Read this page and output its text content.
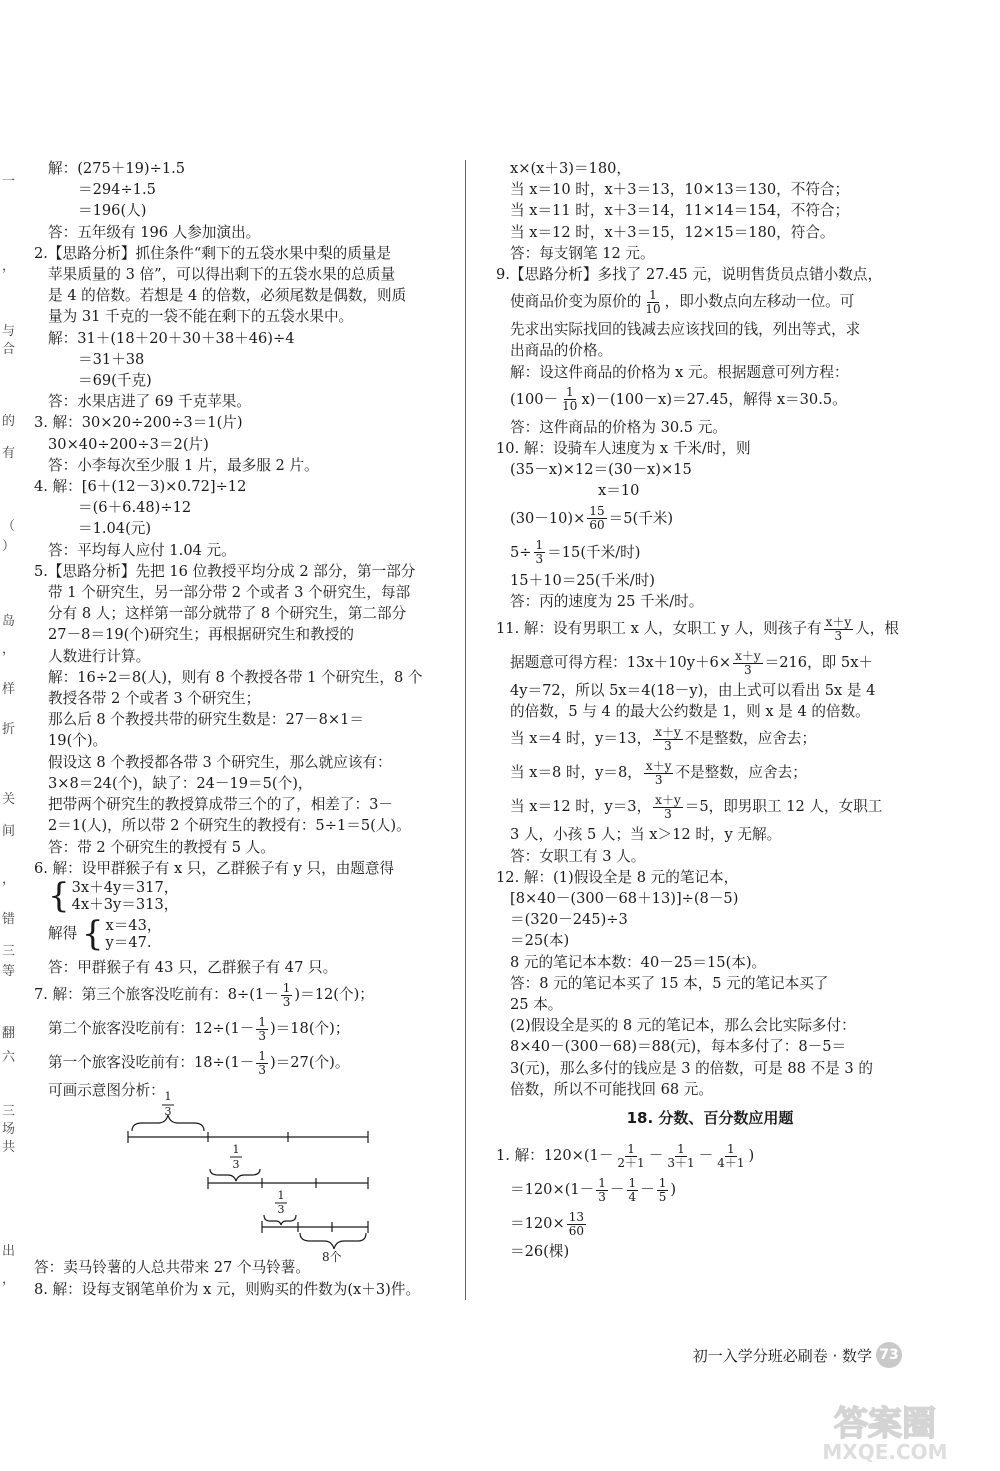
一
，
与
合
的
有
（
）
岛
，
样
折
关
间
，
错
三
等
翻
六
三
场
共
出
，
解：(275＋19)÷1.5
＝294÷1.5
＝196(人)
答：五年级有 196 人参加演出。
2.【思路分析】抓住条件“剩下的五袋水果中梨的质量是
苹果质量的 3 倍”，可以得出剩下的五袋水果的总质量
是 4 的倍数。若想是 4 的倍数，必须尾数是偶数，则质
量为 31 千克的一袋不能在剩下的五袋水果中。
解：31＋(18＋20＋30＋38＋46)÷4
＝31＋38
＝69(千克)
答：水果店进了 69 千克苹果。
3. 解：30×20÷200÷3＝1(片)
30×40÷200÷3＝2(片)
答：小李每次至少服 1 片，最多服 2 片。
4. 解：[6＋(12－3)×0.72]÷12
＝(6＋6.48)÷12
＝1.04(元)
答：平均每人应付 1.04 元。
5.【思路分析】先把 16 位教授平均分成 2 部分，第一部分
带 1 个研究生，另一部分带 2 个或者 3 个研究生，每部
分有 8 人；这样第一部分就带了 8 个研究生，第二部分
27－8＝19(个)研究生；再根据研究生和教授的
人数进行计算。
解：16÷2＝8(人)，则有 8 个教授各带 1 个研究生，8 个
教授各带 2 个或者 3 个研究生；
那么后 8 个教授共带的研究生数是：27－8×1＝
19(个)。
假设这 8 个教授都各带 3 个研究生，那么就应该有：
3×8＝24(个)，缺了：24－19＝5(个)，
把带两个研究生的教授算成带三个的了，相差了：3－
2＝1(人)，所以带 2 个研究生的教授有：5÷1＝5(人)。
答：带 2 个研究生的教授有 5 人。
6. 解：设甲群猴子有 x 只，乙群猴子有 y 只，由题意得
{ 3x＋4y＝317，
4x＋3y＝313，
解得 { x＝43，
y＝47.
答：甲群猴子有 43 只，乙群猴子有 47 只。
7. 解：第三个旅客没吃前有：$8\div(1- \frac{1}{3} )=12$(个)；
第二个旅客没吃前有：$12\div(1- \frac{1}{3} )=18$(个)；
第一个旅客没吃前有：$18\div(1- \frac{1}{3} )=27$(个)。
可画示意图分析： 1
3
1
3
1
3
8个
答：卖马铃薯的人总共带来 27 个马铃薯。
8. 解：设每支钢笔单价为 x 元，则购买的件数为(x＋3)件。
x×(x＋3)＝180，
当 x＝10 时，x＋3＝13，10×13＝130，不符合；
当 x＝11 时，x＋3＝14，11×14＝154，不符合；
当 x＝12 时，x＋3＝15，12×15＝180，符合。
答：每支钢笔 12 元。
9.【思路分析】多找了 27.45 元，说明售货员点错小数点，
使商品价变为原价的 $\frac{1}{10}$ ，即小数点向左移动一位。可
先求出实际找回的钱减去应该找回的钱，列出等式，求
出商品的价格。
解：设这件商品的价格为 x 元。根据题意可列方程：
$(100- \frac{1}{10} x)-(100-x)=27.45$，解得 x＝30.5。
答：这件商品的价格为 30.5 元。
10. 解：设骑车人速度为 x 千米/时，则
(35－x)×12＝(30－x)×15
x＝10
$(30-10)\times \frac{15}{60} =5$(千米)
$5\div \frac{1}{3} =15$(千米/时)
15＋10＝25(千米/时)
答：丙的速度为 25 千米/时。
11. 解：设有男职工 x 人，女职工 y 人，则孩子有 $\frac{x+y}{3}$ 人，根
据题意可得方程：$13x+10y+6\times \frac{x+y}{3} =216$，即 5x＋
4y＝72，所以 5x＝4(18－y)，由上式可以看出 5x 是 4
的倍数，5 与 4 的最大公约数是 1，则 x 是 4 的倍数。
当 x＝4 时，y＝13， $\frac{x+y}{3}$ 不是整数，应舍去；
当 x＝8 时，y＝8， $\frac{x+y}{3}$ 不是整数，应舍去；
当 x＝12 时，y＝3， $\frac{x+y}{3} =5$，即男职工 12 人，女职工
3 人，小孩 5 人；当 x＞12 时，y 无解。
答：女职工有 3 人。
12. 解：(1)假设全是 8 元的笔记本，
[8×40－(300－68＋13)]÷(8－5)
＝(320－245)÷3
＝25(本)
8 元的笔记本本数：40－25＝15(本)。
答：8 元的笔记本买了 15 本，5 元的笔记本买了
25 本。
(2)假设全是买的 8 元的笔记本，那么会比实际多付：
8×40－(300－68)＝88(元)，每本多付了：8－5＝
3(元)，那么多付的钱应是 3 的倍数，可是 88 不是 3 的
倍数，所以不可能找回 68 元。
18. 分数、百分数应用题
1. 解：$120\times(1- \frac{1}{2+1} - \frac{1}{3+1} - \frac{1}{4+1}$ )
$=120\times(1- \frac{1}{3} - \frac{1}{4} - \frac{1}{5}$ )
$=120\times \frac{13}{60}$
＝26(棵)
初一入学分班必刷卷 · 数学 73
答案圈
MXQE.COM
